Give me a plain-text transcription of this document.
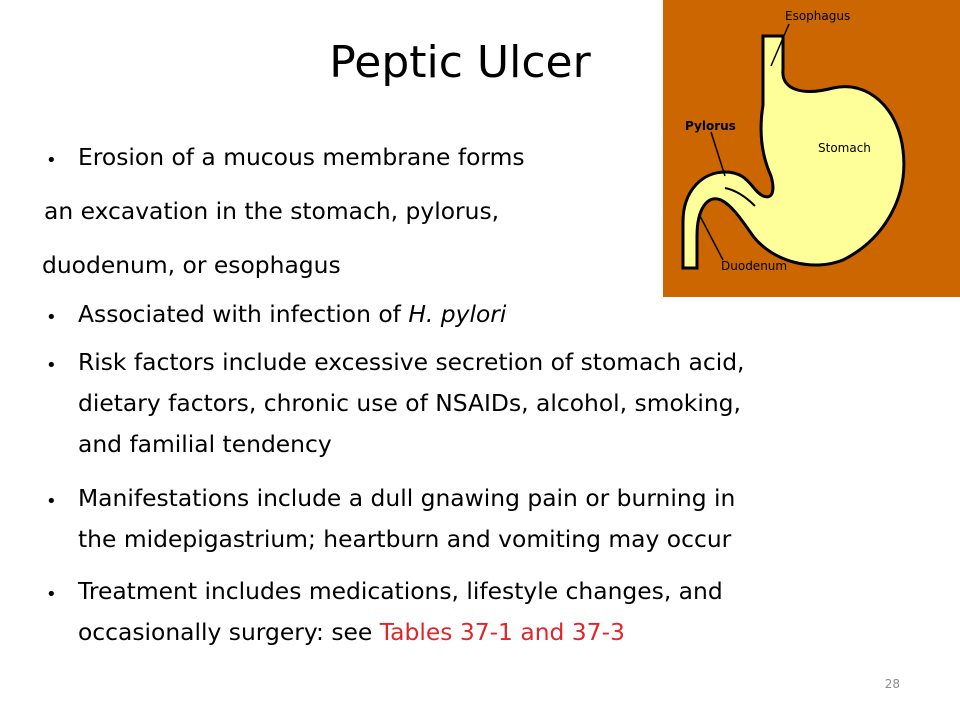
Peptic Ulcer
Esophagus
Pylorus
Stomach
Duodenum
• Erosion of a mucous membrane forms
an excavation in the stomach, pylorus,
duodenum, or esophagus
• Associated with infection of H. pylori
• Risk factors include excessive secretion of stomach acid,
dietary factors, chronic use of NSAIDs, alcohol, smoking,
and familial tendency
• Manifestations include a dull gnawing pain or burning in
the midepigastrium; heartburn and vomiting may occur
• Treatment includes medications, lifestyle changes, and
occasionally surgery: see Tables 37-1 and 37-3
28
